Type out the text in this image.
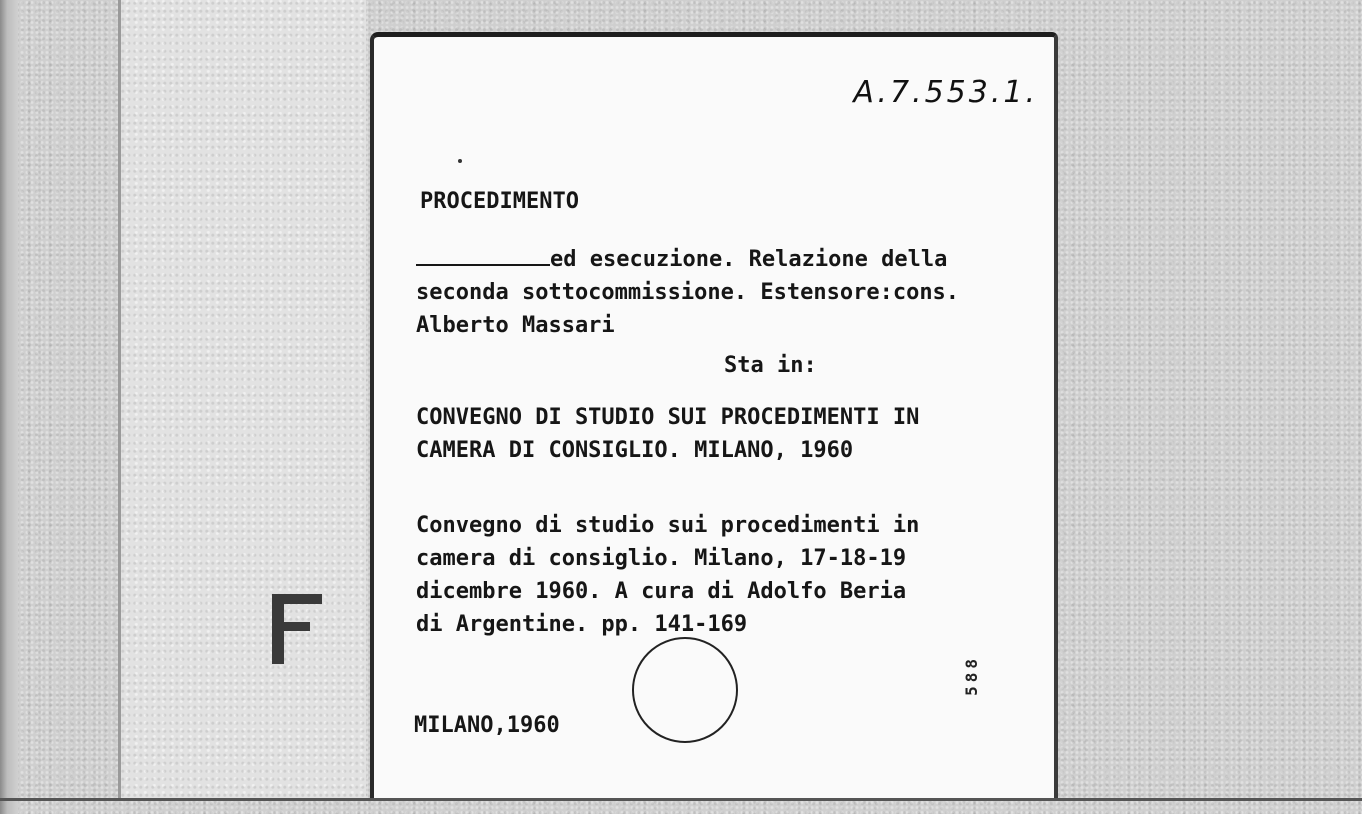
A.7.553.1.
PROCEDIMENTO
ed esecuzione. Relazione della
seconda sottocommissione. Estensore:cons.
Alberto Massari
Sta in:
CONVEGNO DI STUDIO SUI PROCEDIMENTI IN
CAMERA DI CONSIGLIO. MILANO, 1960
Convegno di studio sui procedimenti in
camera di consiglio. Milano, 17-18-19
dicembre 1960. A cura di Adolfo Beria
di Argentine. pp. 141-169
588
MILANO,1960
